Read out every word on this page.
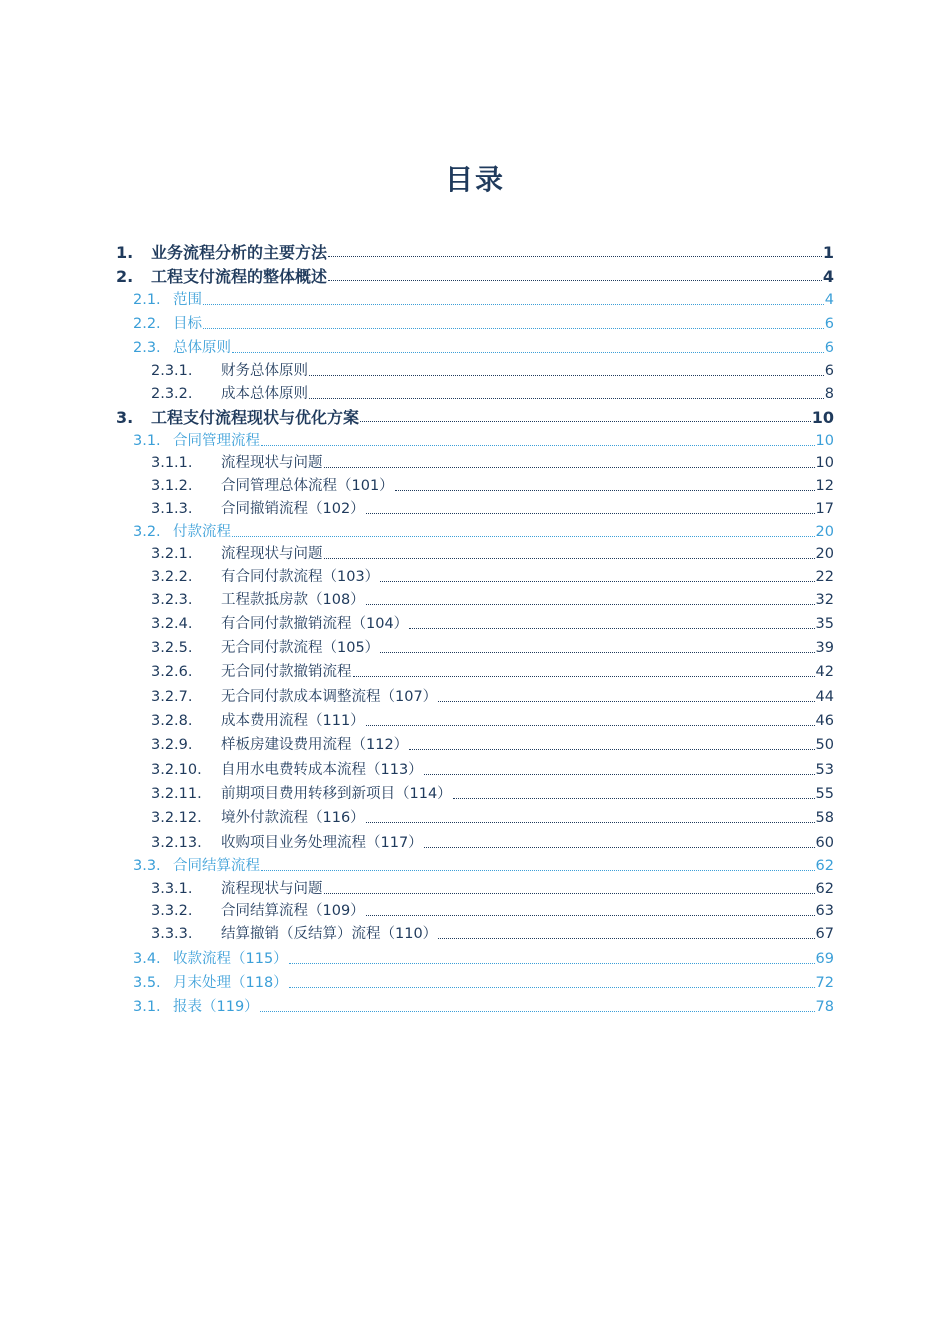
目录
1.	业务流程分析的主要方法	1
2.	工程支付流程的整体概述	4
2.1. 范围	4
2.2. 目标	6
2.3. 总体原则	6
2.3.1.	财务总体原则	6
2.3.2.	成本总体原则	8
3.	工程支付流程现状与优化方案	10
3.1. 合同管理流程	10
3.1.1.	流程现状与问题	10
3.1.2.	合同管理总体流程（101）	12
3.1.3.	合同撤销流程（102）	17
3.2. 付款流程	20
3.2.1.	流程现状与问题	20
3.2.2.	有合同付款流程（103）	22
3.2.3.	工程款抵房款（108）	32
3.2.4.	有合同付款撤销流程（104）	35
3.2.5.	无合同付款流程（105）	39
3.2.6.	无合同付款撤销流程	42
3.2.7.	无合同付款成本调整流程（107）	44
3.2.8.	成本费用流程（111）	46
3.2.9.	样板房建设费用流程（112）	50
3.2.10.	自用水电费转成本流程（113）	53
3.2.11.	前期项目费用转移到新项目（114）	55
3.2.12.	境外付款流程（116）	58
3.2.13.	收购项目业务处理流程（117）	60
3.3. 合同结算流程	62
3.3.1.	流程现状与问题	62
3.3.2.	合同结算流程（109）	63
3.3.3.	结算撤销（反结算）流程（110）	67
3.4. 收款流程（115）	69
3.5. 月末处理（118）	72
3.1. 报表（119）	78
